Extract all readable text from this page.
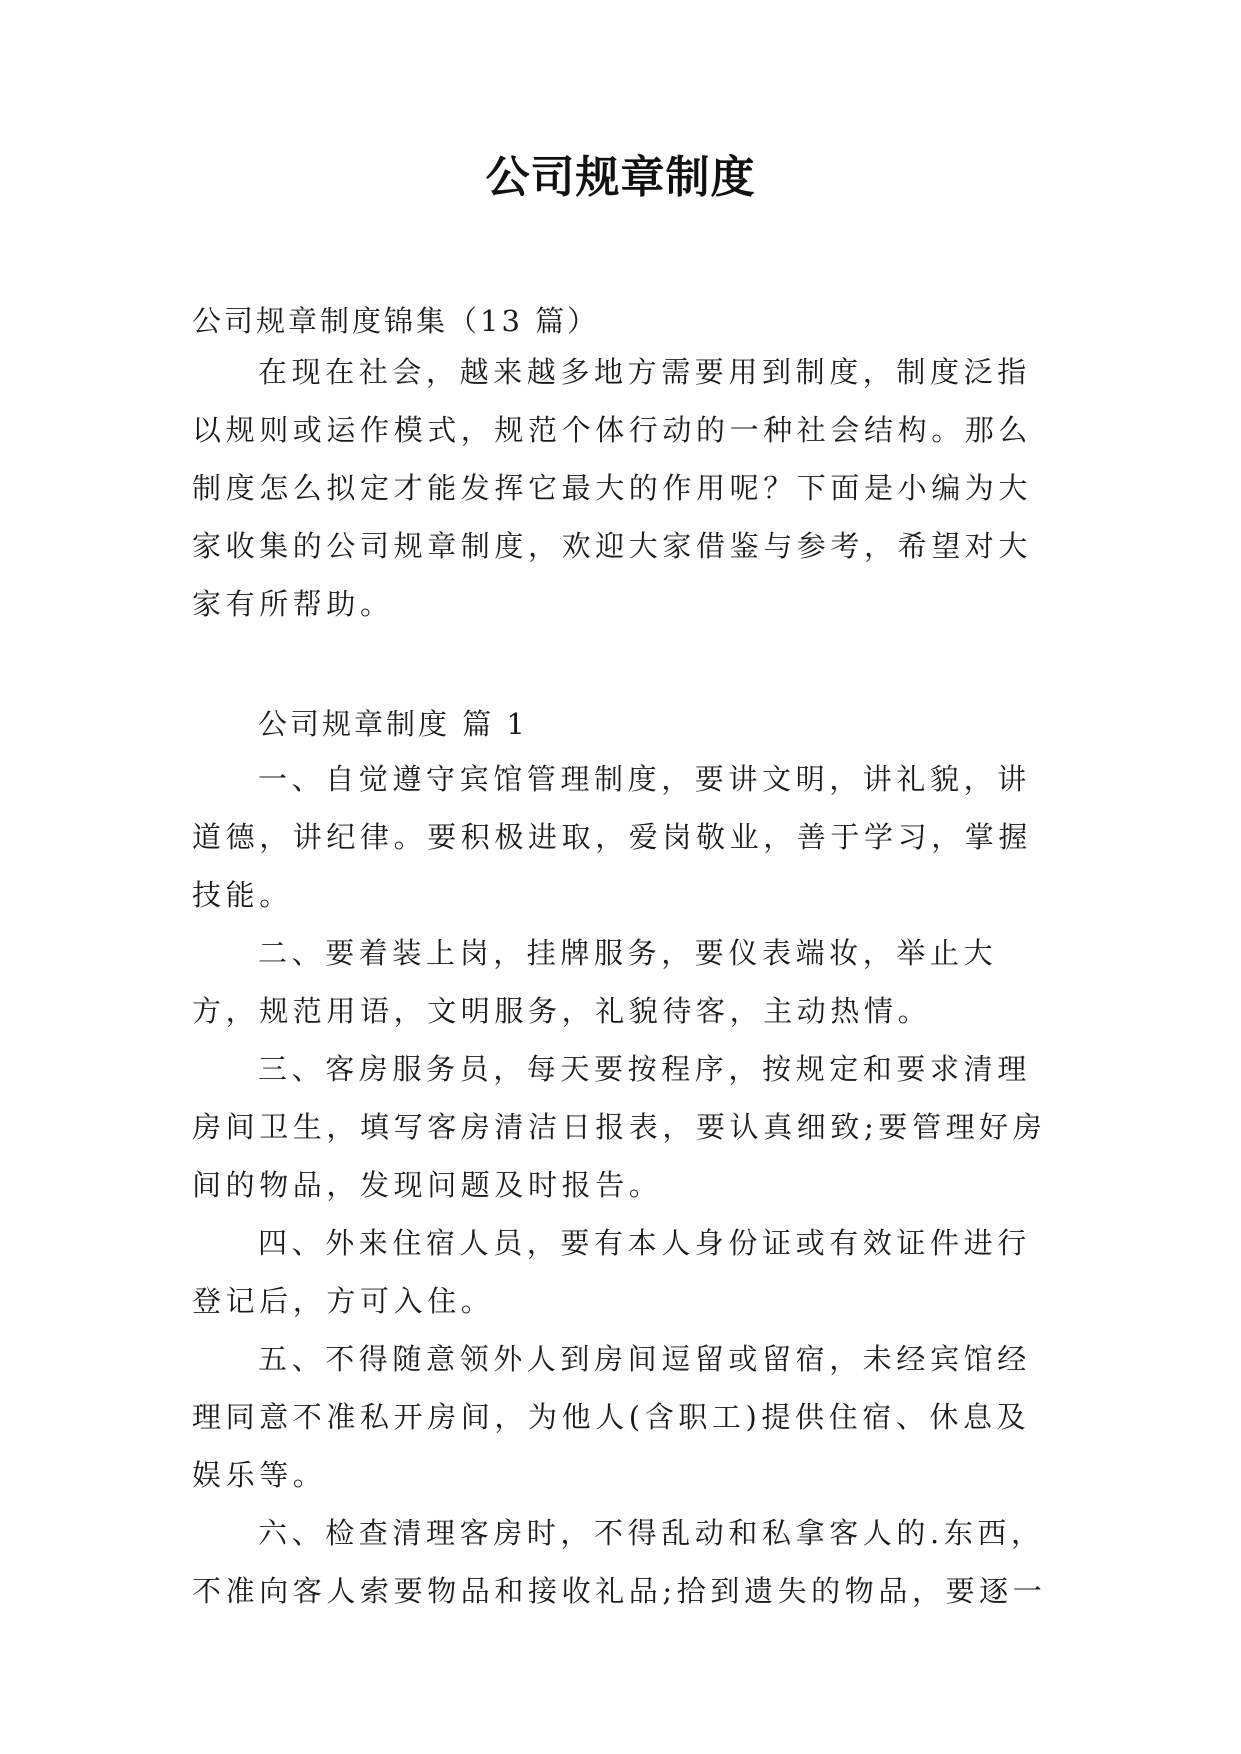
公司规章制度

公司规章制度锦集（13 篇）

在现在社会，越来越多地方需要用到制度，制度泛指以规则或运作模式，规范个体行动的一种社会结构。那么制度怎么拟定才能发挥它最大的作用呢？下面是小编为大家收集的公司规章制度，欢迎大家借鉴与参考，希望对大家有所帮助。

公司规章制度 篇 1

一、自觉遵守宾馆管理制度，要讲文明，讲礼貌，讲道德，讲纪律。要积极进取，爱岗敬业，善于学习，掌握技能。

二、要着装上岗，挂牌服务，要仪表端妆，举止大方，规范用语，文明服务，礼貌待客，主动热情。

三、客房服务员，每天要按程序，按规定和要求清理房间卫生，填写客房清洁日报表，要认真细致;要管理好房间的物品，发现问题及时报告。

四、外来住宿人员，要有本人身份证或有效证件进行登记后，方可入住。

五、不得随意领外人到房间逗留或留宿，未经宾馆经理同意不准私开房间，为他人(含职工)提供住宿、休息及娱乐等。

六、检查清理客房时，不得乱动和私拿客人的.东西，不准向客人索要物品和接收礼品;拾到遗失的物品，要逐一
